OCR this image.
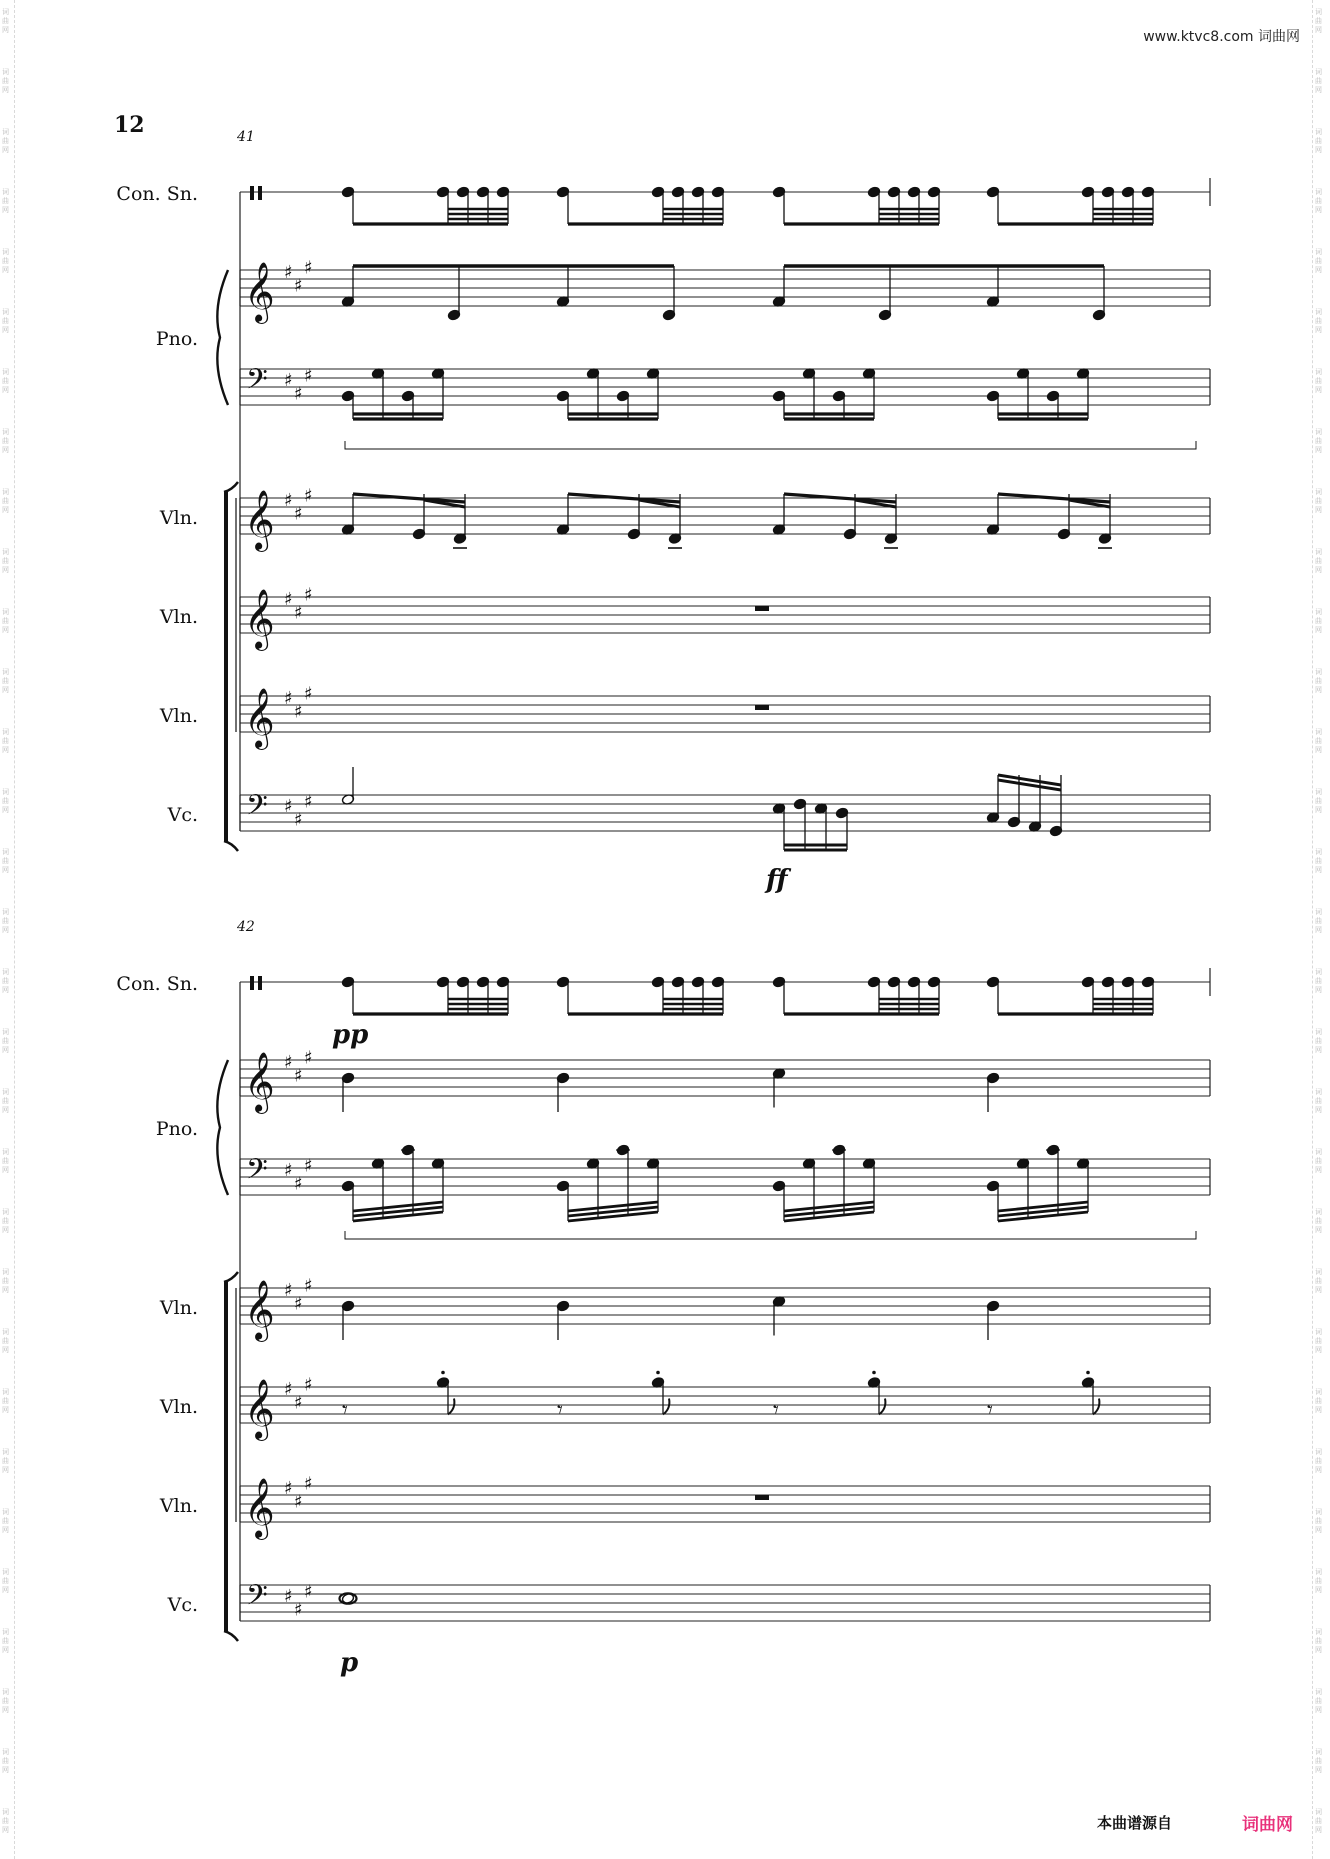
词
曲
网
词
曲
网
词
曲
网
词
曲
网
词
曲
网
词
曲
网
词
曲
网
词
曲
网
词
曲
网
词
曲
网
词
曲
网
词
曲
网
词
曲
网
词
曲
网
词
曲
网
词
曲
网
词
曲
网
词
曲
网
词
曲
网
词
曲
网
词
曲
网
词
曲
网
词
曲
网
词
曲
网
词
曲
网
词
曲
网
词
曲
网
词
曲
网
词
曲
网
词
曲
网
词
曲
网
词
曲
网
词
曲
网
词
曲
网
词
曲
网
词
曲
网
词
曲
网
词
曲
网
词
曲
网
词
曲
网
词
曲
网
词
曲
网
词
曲
网
词
曲
网
词
曲
网
词
曲
网
词
曲
网
词
曲
网
词
曲
网
词
曲
网
词
曲
网
词
曲
网
词
曲
网
词
曲
网
词
曲
网
词
曲
网
词
曲
网
词
曲
网
词
曲
网
词
曲
网
词
曲
网
词
曲
网
12
www.ktvc8.com 词曲网
41
Con. Sn.
𝄞 ♯
♯
♯
Pno.
𝄢 ♯
♯
♯
𝄞 ♯
♯
♯
Vln.
𝄞 ♯
♯
♯
Vln.
𝄞 ♯
♯
♯
Vln.
𝄢 ♯
♯
♯
Vc.
42
Con. Sn.
𝄞 ♯
♯
♯
Pno.
𝄢 ♯
♯
♯
𝄞 ♯
♯
♯
Vln.
𝄞 ♯
♯
♯
Vln.
𝄞 ♯
♯
♯
Vln.
𝄢 ♯
♯
♯
Vc.
ff
𝄾	𝄾	𝄾	𝄾
p
pp
本曲谱源自	词曲网
